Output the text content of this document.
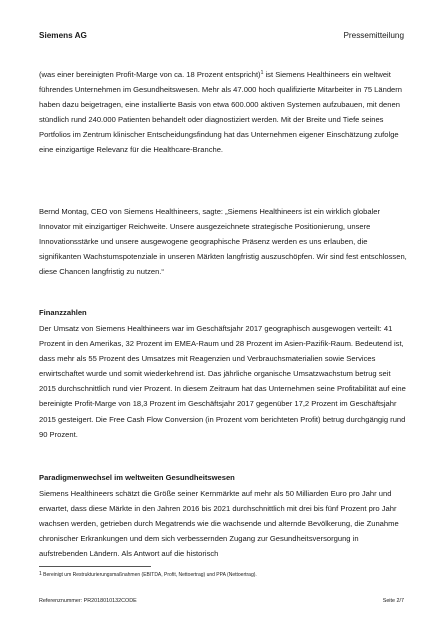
Siemens AG	Pressemitteilung

(was einer bereinigten Profit-Marge von ca. 18 Prozent entspricht)$^1$ ist Siemens Healthineers ein weltweit führendes Unternehmen im Gesundheitswesen. Mehr als 47.000 hoch qualifizierte Mitarbeiter in 75 Ländern haben dazu beigetragen, eine installierte Basis von etwa 600.000 aktiven Systemen aufzubauen, mit denen stündlich rund 240.000 Patienten behandelt oder diagnostiziert werden. Mit der Breite und Tiefe seines Portfolios im Zentrum klinischer Entscheidungsfindung hat das Unternehmen eigener Einschätzung zufolge eine einzigartige Relevanz für die Healthcare-Branche.

Bernd Montag, CEO von Siemens Healthineers, sagte: „Siemens Healthineers ist ein wirklich globaler Innovator mit einzigartiger Reichweite. Unsere ausgezeichnete strategische Positionierung, unsere Innovationsstärke und unsere ausgewogene geographische Präsenz werden es uns erlauben, die signifikanten Wachstumspotenziale in unseren Märkten langfristig auszuschöpfen. Wir sind fest entschlossen, diese Chancen langfristig zu nutzen.“

Finanzzahlen

Der Umsatz von Siemens Healthineers war im Geschäftsjahr 2017 geographisch ausgewogen verteilt: 41 Prozent in den Amerikas, 32 Prozent im EMEA-Raum und 28 Prozent im Asien-Pazifik-Raum. Bedeutend ist, dass mehr als 55 Prozent des Umsatzes mit Reagenzien und Verbrauchsmaterialien sowie Services erwirtschaftet wurde und somit wiederkehrend ist. Das jährliche organische Umsatzwachstum betrug seit 2015 durchschnittlich rund vier Prozent. In diesem Zeitraum hat das Unternehmen seine Profitabilität auf eine bereinigte Profit-Marge von 18,3 Prozent im Geschäftsjahr 2017 gegenüber 17,2 Prozent im Geschäftsjahr 2015 gesteigert. Die Free Cash Flow Conversion (in Prozent vom berichteten Profit) betrug durchgängig rund 90 Prozent.

Paradigmenwechsel im weltweiten Gesundheitswesen

Siemens Healthineers schätzt die Größe seiner Kernmärkte auf mehr als 50 Milliarden Euro pro Jahr und erwartet, dass diese Märkte in den Jahren 2016 bis 2021 durchschnittlich mit drei bis fünf Prozent pro Jahr wachsen werden, getrieben durch Megatrends wie die wachsende und alternde Bevölkerung, die Zunahme chronischer Erkrankungen und dem sich verbessernden Zugang zur Gesundheitsversorgung in aufstrebenden Ländern. Als Antwort auf die historisch

$^1$ Bereinigt um Restrukturierungsmaßnahmen (EBITDA, Profit, Nettoertrag) und PPA (Nettoertrag).
Referenznummer: PR2018010132CODE	Seite 2/7
